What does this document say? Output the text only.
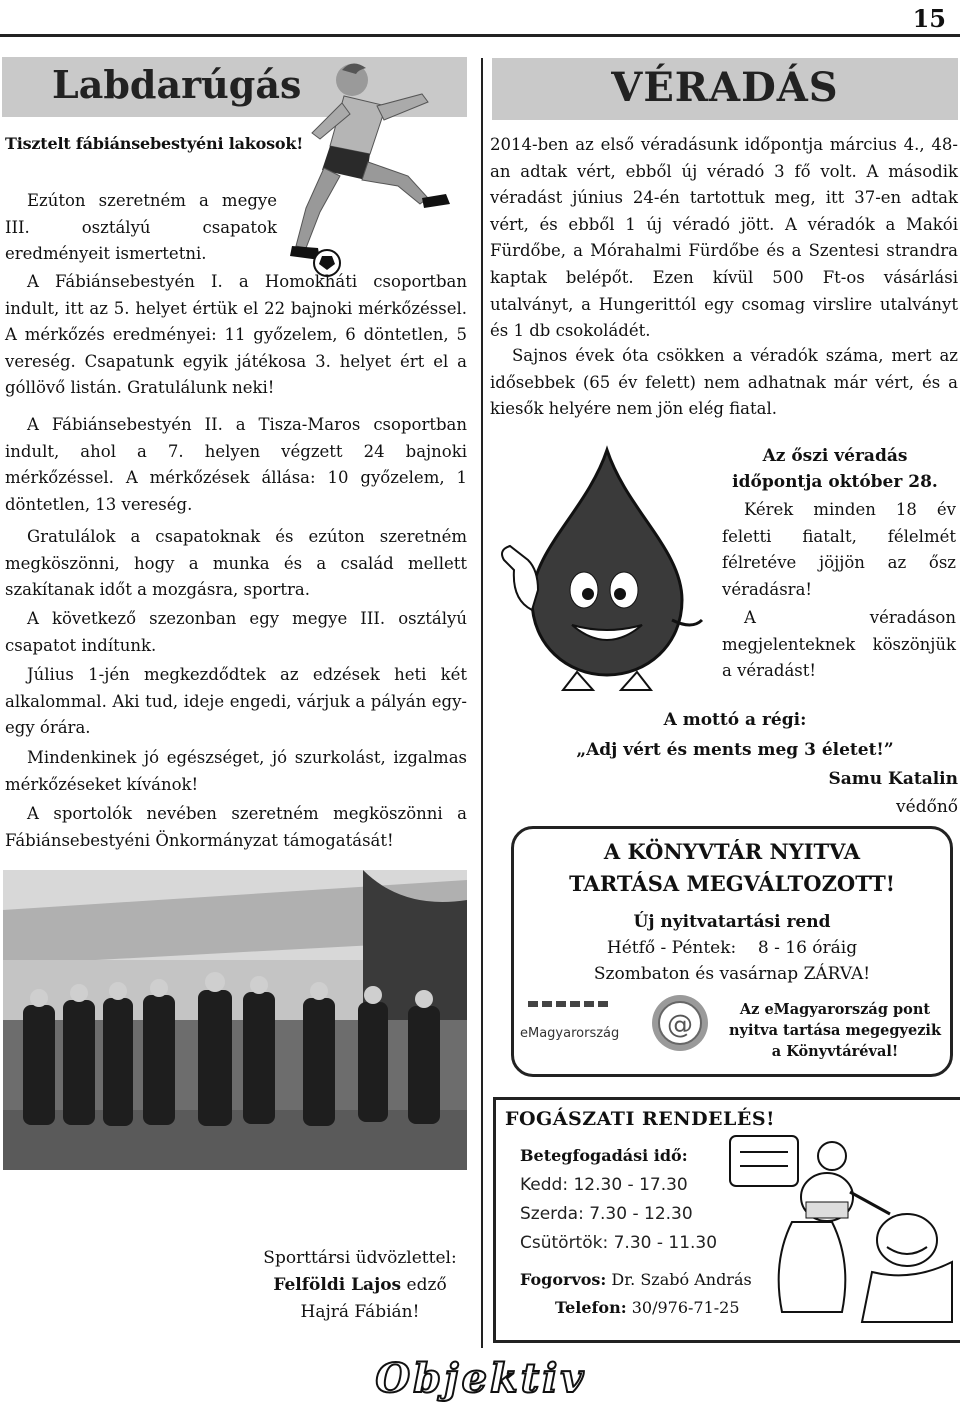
15
Labdarúgás
Tisztelt fábiánsebestyéni lakosok!

Ezúton szeretném a megye III. osztályú csapatok eredményeit ismertetni.

A Fábiánsebestyén I. a Homokháti csoportban indult, itt az 5. helyet értük el 22 bajnoki mérkőzéssel. A mérkőzés eredményei: 11 győzelem, 6 döntetlen, 5 vereség. Csapatunk egyik játékosa 3. helyet ért el a góllövő listán. Gratulálunk neki!

A Fábiánsebestyén II. a Tisza-Maros csoportban indult, ahol a 7. helyen végzett 24 bajnoki mérkőzéssel. A mérkőzések állása: 10 győzelem, 1 döntetlen, 13 vereség.

Gratulálok a csapatoknak és ezúton szeretném megköszönni, hogy a munka és a család mellett szakítanak időt a mozgásra, sportra.

A következő szezonban egy megye III. osztályú csapatot indítunk.

Július 1-jén megkezdődtek az edzések heti két alkalommal. Aki tud, ideje engedi, várjuk a pályán egy-egy órára.

Mindenkinek jó egészséget, jó szurkolást, izgalmas mérkőzéseket kívánok!

A sportolók nevében szeretném megköszönni a Fábiánsebestyéni Önkormányzat támogatását!

Sporttársi üdvözlettel:
Felföldi Lajos edző
Hajrá Fábián!
VÉRADÁS

2014-ben az első véradásunk időpontja március 4., 48-an adtak vért, ebből új véradó 3 fő volt. A második véradást június 24-én tartottuk meg, itt 37-en adtak vért, és ebből 1 új véradó jött. A véradók a Makói Fürdőbe, a Mórahalmi Fürdőbe és a Szentesi strandra kaptak belépőt. Ezen kívül 500 Ft-os vásárlási utalványt, a Hungerittól egy csomag virslire utalványt és 1 db csokoládét.

Sajnos évek óta csökken a véradók száma, mert az idősebbek (65 év felett) nem adhatnak már vért, és a kiesők helyére nem jön elég fiatal.

Az őszi véradás
időpontja október 28.

Kérek minden 18 év feletti fiatalt, félelmét félretéve jöjjön az ősz véradásra!

A véradáson megjelenteknek köszönjük a véradást!

A mottó a régi:
„Adj vért és ments meg 3 életet!”
Samu Katalin
védőnő
A KÖNYVTÁR NYITVA
TARTÁSA MEGVÁLTOZOTT!
Új nyitvatartási rend
Hétfő - Péntek:    8 - 16 óráig
Szombaton és vasárnap ZÁRVA!
@
eMagyarország
Az eMagyarország pont nyitva tartása megegyezik a Könyvtáréval!
FOGÁSZATI RENDELÉS!
Betegfogadási idő:
Kedd: 12.30 - 17.30
Szerda: 7.30 - 12.30
Csütörtök: 7.30 - 11.30
Fogorvos: Dr. Szabó András
Telefon: 30/976-71-25
Objektiv
